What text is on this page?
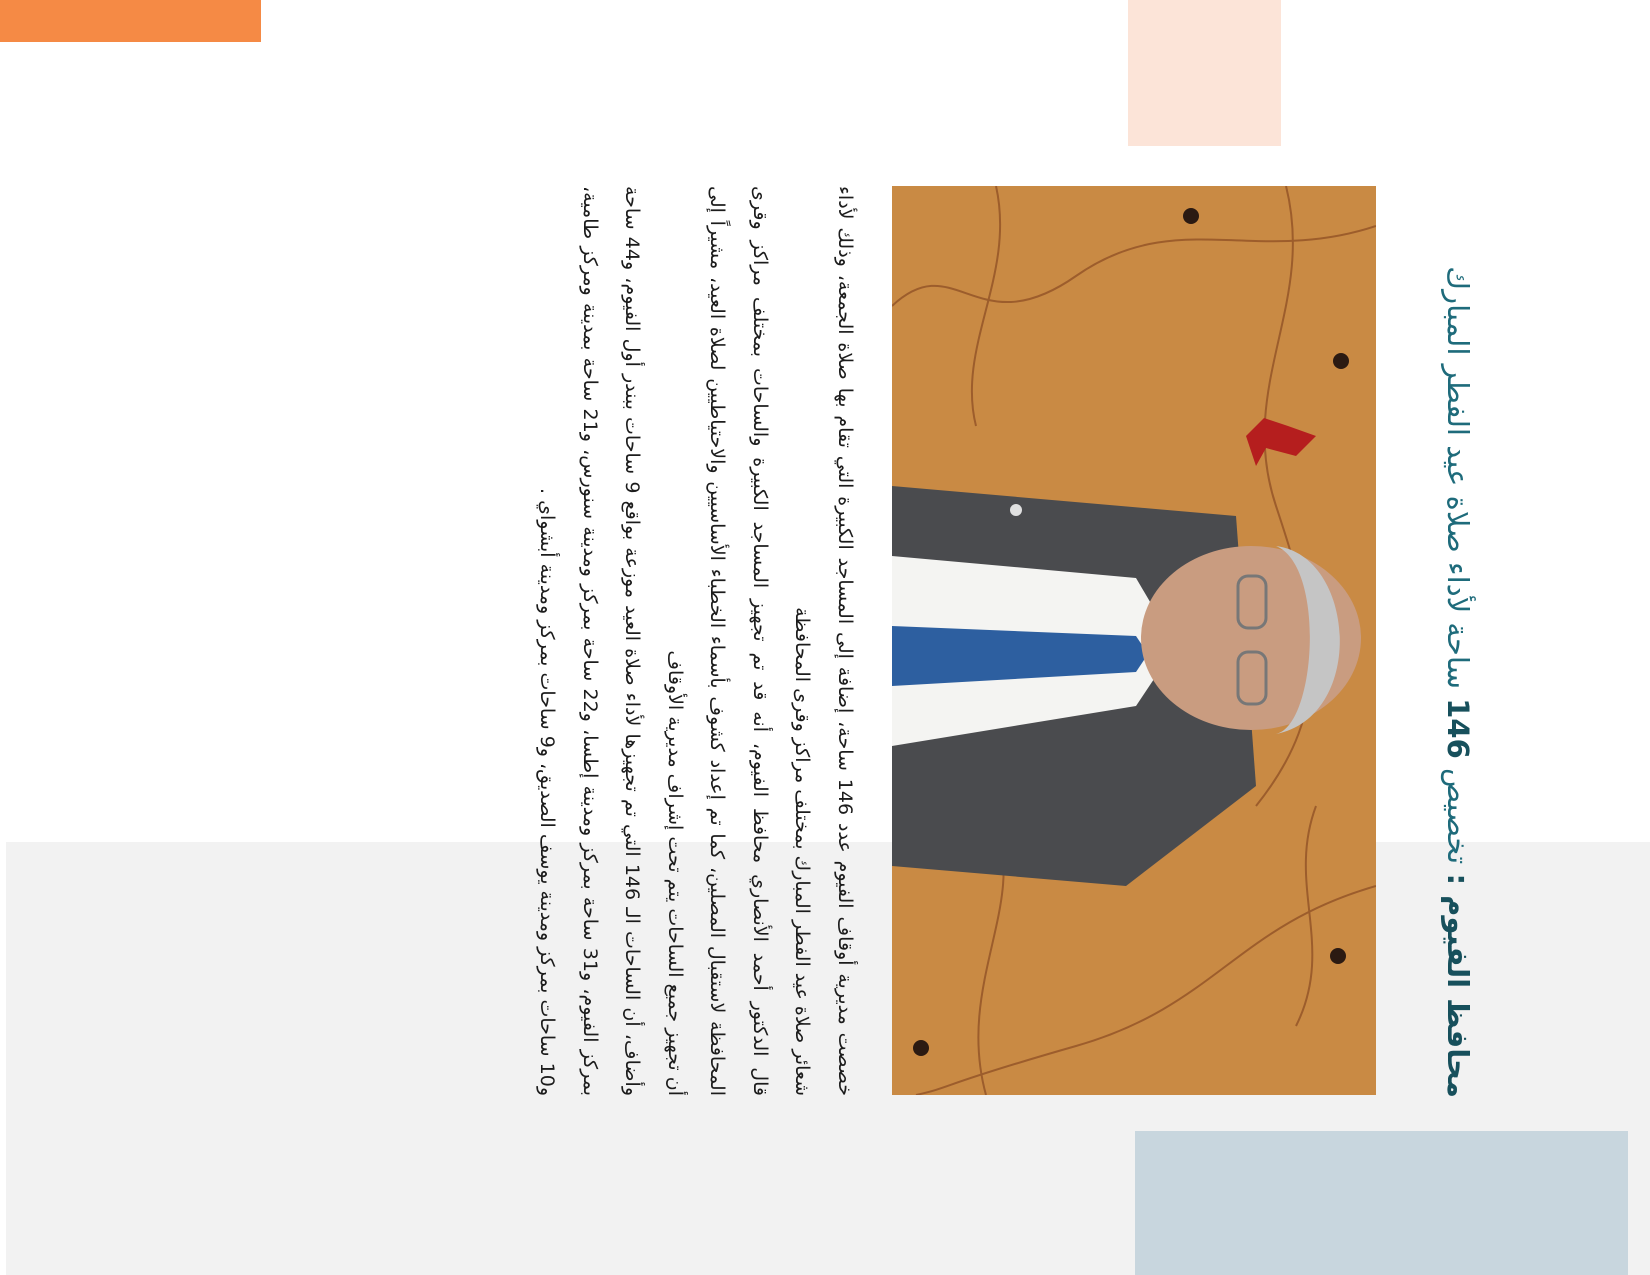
محافظ الفيوم : تخصيص 146 ساحة لأداء صلاة عيد الفطر المبارك

خصصت مديرية أوقاف الفيوم عدد 146 ساحة، إضافة إلى المساجد الكبيرة التي تقام بها صلاة الجمعة، وذلك لأداء شعائر صلاة عيد الفطر المبارك بمختلف مراكز وقرى المحافظة

قال الدكتور أحمد الأنصاري محافظ الفيوم، أنه قد تم تجهيز المساجد الكبيرة والساحات بمختلف مراكز وقرى المحافظة لاستقبال المصلين، كما تم إعداد كشوف بأسماء الخطباء الأساسيين والاحتياطيين لصلاة العيد، مشيراً إلى أن تجهيز جميع الساحات يتم تحت إشراف مديرية الأوقاف

وأضاف، أن الساحات الـ 146 التي تم تجهيزها لأداء صلاة العيد موزعة بواقع 9 ساحات ببندر أول الفيوم، و44 ساحة بمركز الفيوم، و31 ساحة بمركز ومدينة إطسا، و22 ساحة بمركز ومدينة سنورس، و21 ساحة بمدينة ومركز طامية، و10 ساحات بمركز ومدينة يوسف الصديق، و9 ساحات بمركز ومدينة أبشواي .
